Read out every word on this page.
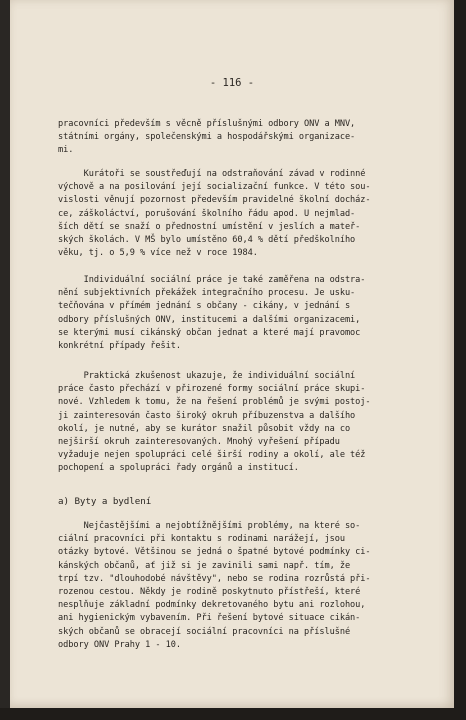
- 116 -
pracovníci především s věcně příslušnými odbory ONV a MNV,
státními orgány, společenskými a hospodářskými organizace-
mi.
Kurátoři se soustřeďují na odstraňování závad v rodinné
výchově a na posilování její socializační funkce. V této sou-
vislosti věnují pozornost především pravidelné školní docház-
ce, záškoláctví, porušování školního řádu apod. U nejmlad-
ších dětí se snaží o přednostní umístění v jeslích a mateř-
ských školách. V MŠ bylo umístěno 60,4 % dětí předškolního
věku, tj. o 5,9 % více než v roce 1984.
Individuální sociální práce je také zaměřena na odstra-
nění subjektivních překážek integračního procesu. Je usku-
tečňována v přímém jednání s občany - cikány, v jednání s
odbory příslušných ONV, institucemi a dalšími organizacemi,
se kterými musí cikánský občan jednat a které mají pravomoc
konkrétní případy řešit.
Praktická zkušenost ukazuje, že individuální sociální
práce často přechází v přirozené formy sociální práce skupi-
nové. Vzhledem k tomu, že na řešení problémů je svými postoj-
ji zainteresován často široký okruh příbuzenstva a dalšího
okolí, je nutné, aby se kurátor snažil působit vždy na co
nejširší okruh zainteresovaných. Mnohý vyřešení případu
vyžaduje nejen spolupráci celé širší rodiny a okolí, ale též
pochopení a spolupráci řady orgánů a institucí.
a) Byty a bydlení
Nejčastějšími a nejobtížnějšími problémy, na které so-
ciální pracovníci při kontaktu s rodinami narážejí, jsou
otázky bytové. Většinou se jedná o špatné bytové podmínky ci-
kánských občanů, ať již si je zavinili sami např. tím, že
trpí tzv. "dlouhodobé návštěvy", nebo se rodina rozrůstá při-
rozenou cestou. Někdy je rodině poskytnuto přístřeší, které
nesplňuje základní podmínky dekretovaného bytu ani rozlohou,
ani hygienickým vybavením. Při řešení bytové situace cikán-
ských občanů se obracejí sociální pracovníci na příslušné
odbory ONV Prahy 1 - 10.
